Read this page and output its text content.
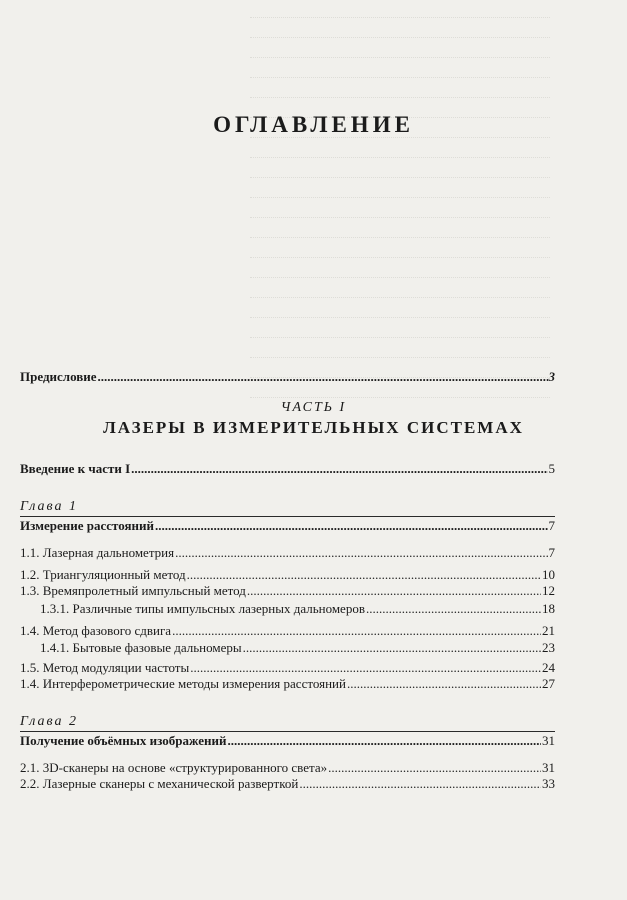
ОГЛАВЛЕНИЕ
Предисловие .....	3
ЧАСТЬ I
ЛАЗЕРЫ В ИЗМЕРИТЕЛЬНЫХ СИСТЕМАХ
Введение к части I .....	5
Глава 1
Измерение расстояний .....	7
1.1. Лазерная дальнометрия .....	7
1.2. Триангуляционный метод .....	10
1.3. Времяпролетный импульсный метод .....	12
1.3.1. Различные типы импульсных лазерных дальномеров .....	18
1.4. Метод фазового сдвига .....	21
1.4.1. Бытовые фазовые дальномеры .....	23
1.5. Метод модуляции частоты .....	24
1.4. Интерферометрические методы измерения расстояний .....	27
Глава 2
Получение объёмных изображений .....	31
2.1. 3D-сканеры на основе «структурированного света» .....	31
2.2. Лазерные сканеры с механической разверткой .....	33
